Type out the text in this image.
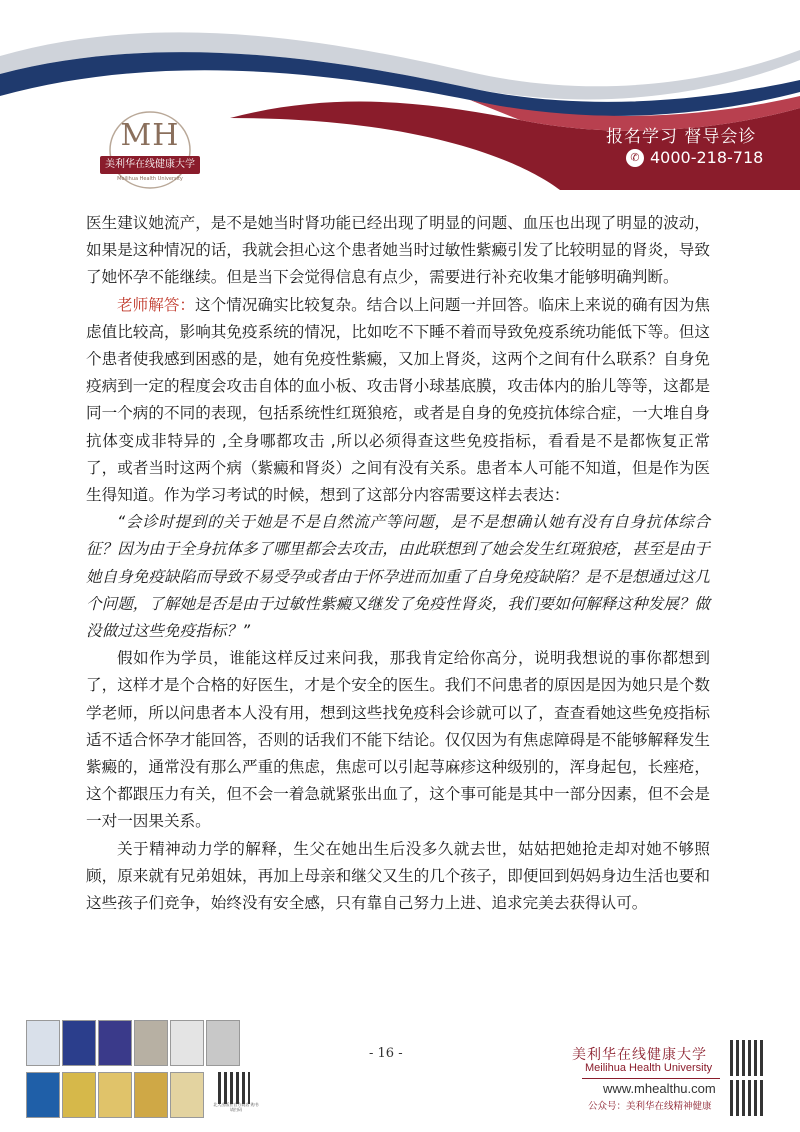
MH
美利华在线健康大学
Meilihua Health University
报名学习 督导会诊
✆ 4000-218-718

医生建议她流产，是不是她当时肾功能已经出现了明显的问题、血压也出现了明显的波动，如果是这种情况的话，我就会担心这个患者她当时过敏性紫癜引发了比较明显的肾炎，导致了她怀孕不能继续。但是当下会觉得信息有点少，需要进行补充收集才能够明确判断。

老师解答：这个情况确实比较复杂。结合以上问题一并回答。临床上来说的确有因为焦虑值比较高，影响其免疫系统的情况，比如吃不下睡不着而导致免疫系统功能低下等。但这个患者使我感到困惑的是，她有免疫性紫癜，又加上肾炎，这两个之间有什么联系？自身免疫病到一定的程度会攻击自体的血小板、攻击肾小球基底膜，攻击体内的胎儿等等，这都是同一个病的不同的表现，包括系统性红斑狼疮，或者是自身的免疫抗体综合症，一大堆自身抗体变成非特异的 ,全身哪都攻击 ,所以必须得查这些免疫指标，看看是不是都恢复正常了，或者当时这两个病（紫癜和肾炎）之间有没有关系。患者本人可能不知道，但是作为医生得知道。作为学习考试的时候，想到了这部分内容需要这样去表达：

“会诊时提到的关于她是不是自然流产等问题，是不是想确认她有没有自身抗体综合征？因为由于全身抗体多了哪里都会去攻击，由此联想到了她会发生红斑狼疮，甚至是由于她自身免疫缺陷而导致不易受孕或者由于怀孕进而加重了自身免疫缺陷？是不是想通过这几个问题，了解她是否是由于过敏性紫癜又继发了免疫性肾炎，我们要如何解释这种发展？做没做过这些免疫指标？”

假如作为学员，谁能这样反过来问我，那我肯定给你高分，说明我想说的事你都想到了，这样才是个合格的好医生，才是个安全的医生。我们不问患者的原因是因为她只是个数学老师，所以问患者本人没有用，想到这些找免疫科会诊就可以了，查查看她这些免疫指标适不适合怀孕才能回答，否则的话我们不能下结论。仅仅因为有焦虑障碍是不能够解释发生紫癜的，通常没有那么严重的焦虑，焦虑可以引起荨麻疹这种级别的，浑身起包，长痤疮，这个都跟压力有关，但不会一着急就紧张出血了，这个事可能是其中一部分因素，但不会是一对一因果关系。

关于精神动力学的解释，生父在她出生后没多久就去世，姑姑把她抢走却对她不够照顾，原来就有兄弟姐妹，再加上母亲和继父又生的几个孩子，即便回到妈妈身边生活也要和这些孩子们竞争，始终没有安全感，只有靠自己努力上进、追求完美去获得认可。

北大出版社官方商店 购书请扫码
- 16 -	美利华在线健康大学
Meilihua Health University
www.mhealthu.com
公众号：美利华在线精神健康
